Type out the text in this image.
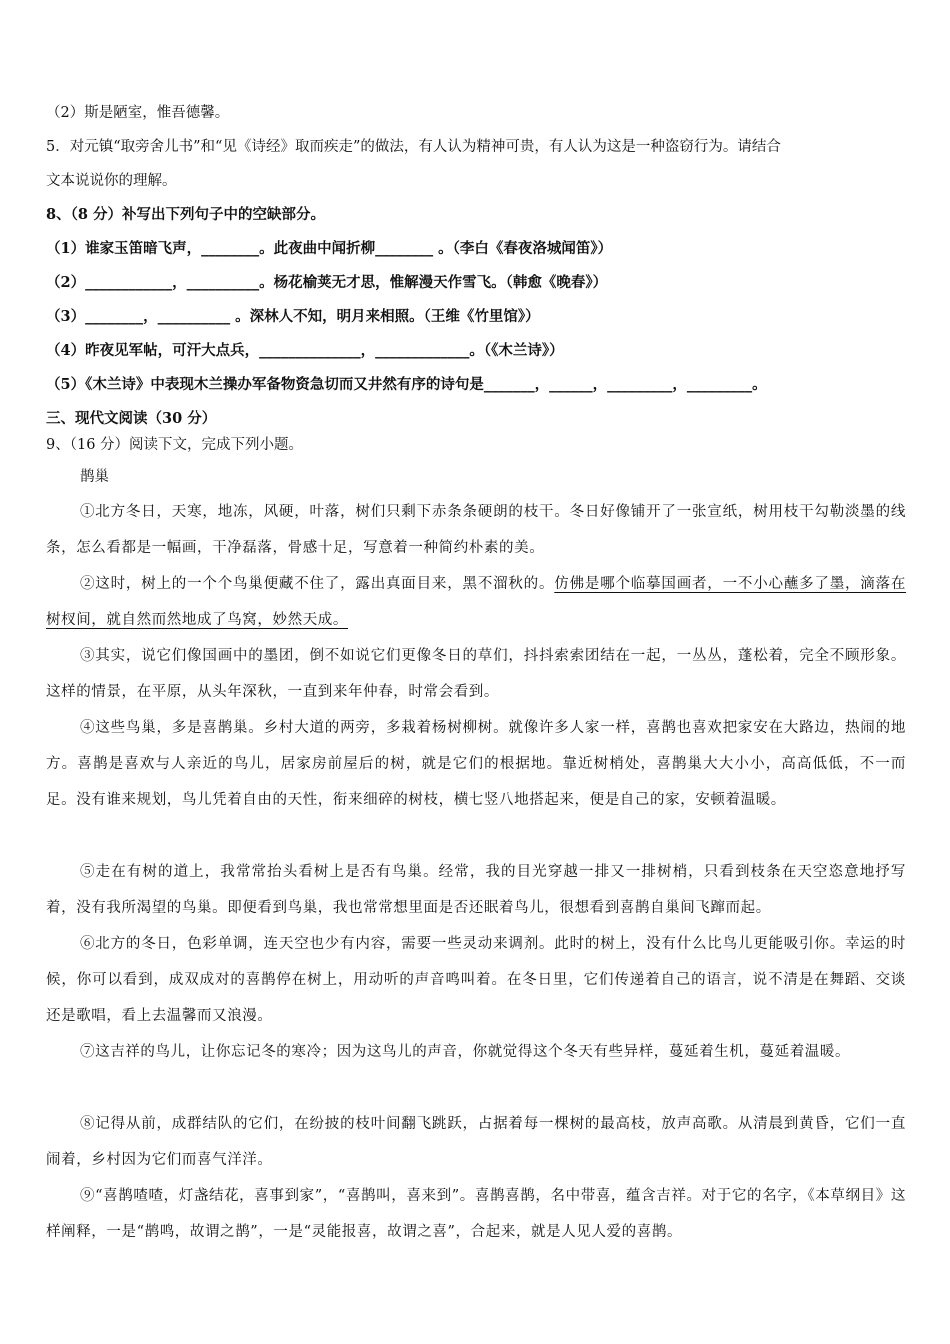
（2）斯是陋室，惟吾德馨。
5．对元镇“取旁舍儿书”和“见《诗经》取而疾走”的做法，有人认为精神可贵，有人认为这是一种盗窃行为。请结合
文本说说你的理解。
8、（8 分）补写出下列句子中的空缺部分。
（1）谁家玉笛暗飞声，________。此夜曲中闻折柳________ 。（李白《春夜洛城闻笛》）
（2）____________，__________。杨花榆荚无才思，惟解漫天作雪飞。（韩愈《晚春》）
（3）________，__________ 。深林人不知，明月来相照。（王维《竹里馆》）
（4）昨夜见军帖，可汗大点兵，______________，_____________。（《木兰诗》）
（5）《木兰诗》中表现木兰操办军备物资急切而又井然有序的诗句是_______，______，_________，_________。
三、现代文阅读（30 分）
9、（16 分）阅读下文，完成下列小题。
鹊巢

①北方冬日，天寒，地冻，风硬，叶落，树们只剩下赤条条硬朗的枝干。冬日好像铺开了一张宣纸，树用枝干勾勒淡墨的线条，怎么看都是一幅画，干净磊落，骨感十足，写意着一种简约朴素的美。

②这时，树上的一个个鸟巢便藏不住了，露出真面目来，黑不溜秋的。仿佛是哪个临摹国画者，一不小心蘸多了墨，滴落在树杈间，就自然而然地成了鸟窝，妙然天成。

③其实，说它们像国画中的墨团，倒不如说它们更像冬日的草们，抖抖索索团结在一起，一丛丛，蓬松着，完全不顾形象。这样的情景，在平原，从头年深秋，一直到来年仲春，时常会看到。

④这些鸟巢，多是喜鹊巢。乡村大道的两旁，多栽着杨树柳树。就像许多人家一样，喜鹊也喜欢把家安在大路边，热闹的地方。喜鹊是喜欢与人亲近的鸟儿，居家房前屋后的树，就是它们的根据地。靠近树梢处，喜鹊巢大大小小，高高低低，不一而足。没有谁来规划，鸟儿凭着自由的天性，衔来细碎的树枝，横七竖八地搭起来，便是自己的家，安顿着温暖。

⑤走在有树的道上，我常常抬头看树上是否有鸟巢。经常，我的目光穿越一排又一排树梢，只看到枝条在天空恣意地抒写着，没有我所渴望的鸟巢。即便看到鸟巢，我也常常想里面是否还眠着鸟儿，很想看到喜鹊自巢间飞蹿而起。

⑥北方的冬日，色彩单调，连天空也少有内容，需要一些灵动来调剂。此时的树上，没有什么比鸟儿更能吸引你。幸运的时候，你可以看到，成双成对的喜鹊停在树上，用动听的声音鸣叫着。在冬日里，它们传递着自己的语言，说不清是在舞蹈、交谈还是歌唱，看上去温馨而又浪漫。

⑦这吉祥的鸟儿，让你忘记冬的寒冷；因为这鸟儿的声音，你就觉得这个冬天有些异样，蔓延着生机，蔓延着温暖。

⑧记得从前，成群结队的它们，在纷披的枝叶间翻飞跳跃，占据着每一棵树的最高枝，放声高歌。从清晨到黄昏，它们一直闹着，乡村因为它们而喜气洋洋。

⑨“喜鹊喳喳，灯盏结花，喜事到家”，“喜鹊叫，喜来到”。喜鹊喜鹊，名中带喜，蕴含吉祥。对于它的名字，《本草纲目》这样阐释，一是“鹊鸣，故谓之鹊”，一是“灵能报喜，故谓之喜”，合起来，就是人见人爱的喜鹊。
